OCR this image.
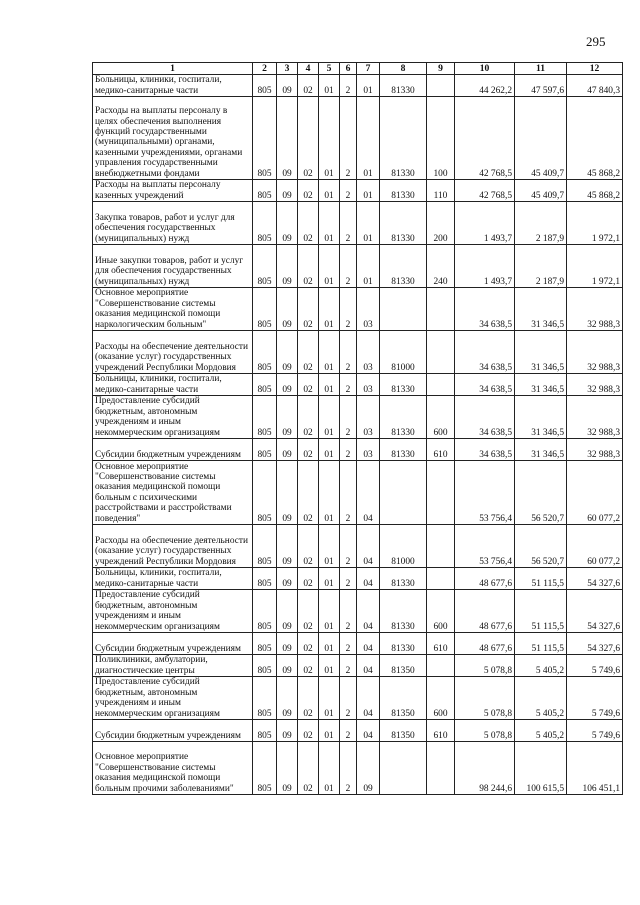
295
1	2	3	4	5	6	7	8	9	10	11	12
Больницы, клиники, госпитали, медико-санитарные части	805	09	02	01	2	01	81330		44 262,2	47 597,6	47 840,3
Расходы на выплаты персоналу в целях обеспечения выполнения функций государственными (муниципальными) органами, казенными учреждениями, органами управления государственными внебюджетными фондами	805	09	02	01	2	01	81330	100	42 768,5	45 409,7	45 868,2
Расходы на выплаты персоналу казенных учреждений	805	09	02	01	2	01	81330	110	42 768,5	45 409,7	45 868,2
Закупка товаров, работ и услуг для обеспечения государственных (муниципальных) нужд	805	09	02	01	2	01	81330	200	1 493,7	2 187,9	1 972,1
Иные закупки товаров, работ и услуг для обеспечения государственных (муниципальных) нужд	805	09	02	01	2	01	81330	240	1 493,7	2 187,9	1 972,1
Основное мероприятие "Совершенствование системы оказания медицинской помощи наркологическим больным"	805	09	02	01	2	03			34 638,5	31 346,5	32 988,3
Расходы на обеспечение деятельности (оказание услуг) государственных учреждений Республики Мордовия	805	09	02	01	2	03	81000		34 638,5	31 346,5	32 988,3
Больницы, клиники, госпитали, медико-санитарные части	805	09	02	01	2	03	81330		34 638,5	31 346,5	32 988,3
Предоставление субсидий бюджетным, автономным учреждениям и иным некоммерческим организациям	805	09	02	01	2	03	81330	600	34 638,5	31 346,5	32 988,3
Субсидии бюджетным учреждениям	805	09	02	01	2	03	81330	610	34 638,5	31 346,5	32 988,3
Основное мероприятие "Совершенствование системы оказания медицинской помощи больным с психическими расстройствами и расстройствами поведения"	805	09	02	01	2	04			53 756,4	56 520,7	60 077,2
Расходы на обеспечение деятельности (оказание услуг) государственных учреждений Республики Мордовия	805	09	02	01	2	04	81000		53 756,4	56 520,7	60 077,2
Больницы, клиники, госпитали, медико-санитарные части	805	09	02	01	2	04	81330		48 677,6	51 115,5	54 327,6
Предоставление субсидий бюджетным, автономным учреждениям и иным некоммерческим организациям	805	09	02	01	2	04	81330	600	48 677,6	51 115,5	54 327,6
Субсидии бюджетным учреждениям	805	09	02	01	2	04	81330	610	48 677,6	51 115,5	54 327,6
Поликлиники, амбулатории, диагностические центры	805	09	02	01	2	04	81350		5 078,8	5 405,2	5 749,6
Предоставление субсидий бюджетным, автономным учреждениям и иным некоммерческим организациям	805	09	02	01	2	04	81350	600	5 078,8	5 405,2	5 749,6
Субсидии бюджетным учреждениям	805	09	02	01	2	04	81350	610	5 078,8	5 405,2	5 749,6
Основное мероприятие "Совершенствование системы оказания медицинской помощи больным прочими заболеваниями"	805	09	02	01	2	09			98 244,6	100 615,5	106 451,1
